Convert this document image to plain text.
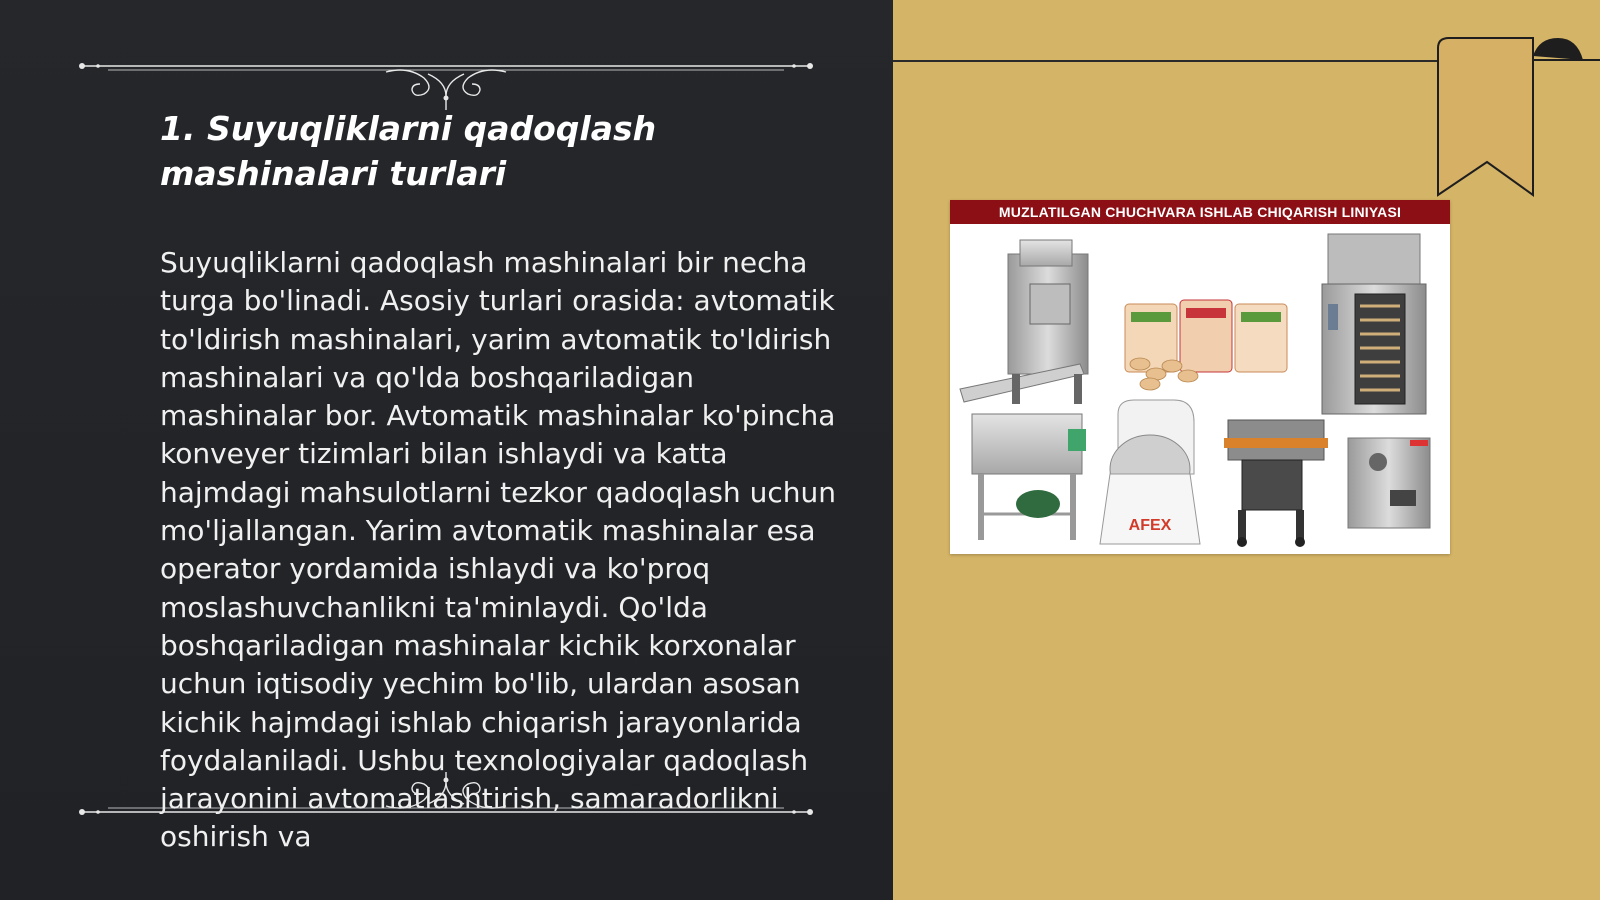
1. Suyuqliklarni qadoqlash mashinalari turlari

Suyuqliklarni qadoqlash mashinalari bir necha turga bo'linadi. Asosiy turlari orasida: avtomatik to'ldirish mashinalari, yarim avtomatik to'ldirish mashinalari va qo'lda boshqariladigan mashinalar bor. Avtomatik mashinalar ko'pincha konveyer tizimlari bilan ishlaydi va katta hajmdagi mahsulotlarni tezkor qadoqlash uchun mo'ljallangan. Yarim avtomatik mashinalar esa operator yordamida ishlaydi va ko'proq moslashuvchanlikni ta'minlaydi. Qo'lda boshqariladigan mashinalar kichik korxonalar uchun iqtisodiy yechim bo'lib, ulardan asosan kichik hajmdagi ishlab chiqarish jarayonlarida foydalaniladi. Ushbu texnologiyalar qadoqlash jarayonini avtomatlashtirish, samaradorlikni oshirish va

MUZLATILGAN CHUCHVARA ISHLAB CHIQARISH LINIYASI
AFEX
